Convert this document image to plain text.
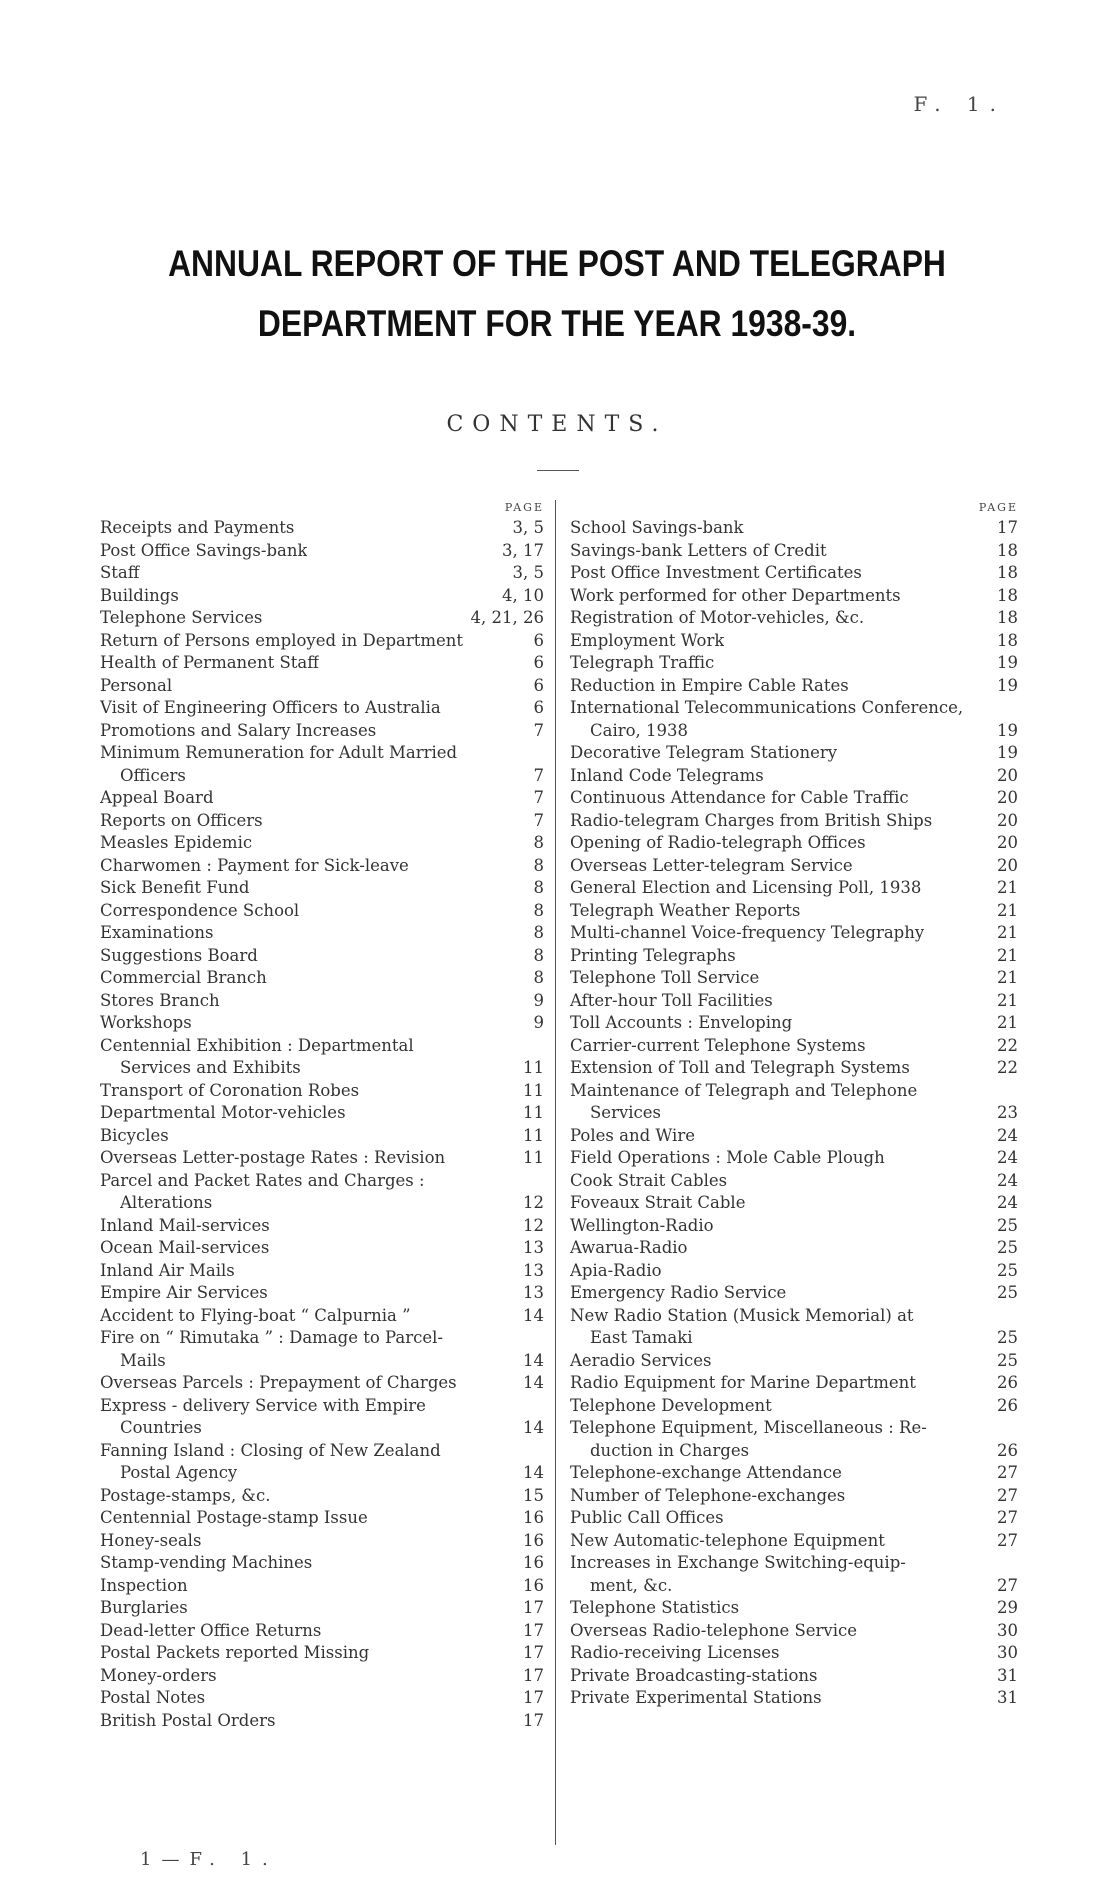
F. 1.
ANNUAL REPORT OF THE POST AND TELEGRAPH
DEPARTMENT FOR THE YEAR 1938-39.
CONTENTS.
PAGE
Receipts and Payments	3, 5
Post Office Savings-bank	3, 17
Staff	3, 5
Buildings	4, 10
Telephone Services	4, 21, 26
Return of Persons employed in Department	6
Health of Permanent Staff	6
Personal	6
Visit of Engineering Officers to Australia	6
Promotions and Salary Increases	7
Minimum Remuneration for Adult Married
Officers	7
Appeal Board	7
Reports on Officers	7
Measles Epidemic	8
Charwomen : Payment for Sick-leave	8
Sick Benefit Fund	8
Correspondence School	8
Examinations	8
Suggestions Board	8
Commercial Branch	8
Stores Branch	9
Workshops	9
Centennial Exhibition : Departmental
Services and Exhibits	11
Transport of Coronation Robes	11
Departmental Motor-vehicles	11
Bicycles	11
Overseas Letter-postage Rates : Revision	11
Parcel and Packet Rates and Charges :
Alterations	12
Inland Mail-services	12
Ocean Mail-services	13
Inland Air Mails	13
Empire Air Services	13
Accident to Flying-boat “ Calpurnia ”	14
Fire on “ Rimutaka ” : Damage to Parcel-
Mails	14
Overseas Parcels : Prepayment of Charges	14
Express - delivery Service with Empire
Countries	14
Fanning Island : Closing of New Zealand
Postal Agency	14
Postage-stamps, &c.	15
Centennial Postage-stamp Issue	16
Honey-seals	16
Stamp-vending Machines	16
Inspection	16
Burglaries	17
Dead-letter Office Returns	17
Postal Packets reported Missing	17
Money-orders	17
Postal Notes	17
British Postal Orders	17
PAGE
School Savings-bank	17
Savings-bank Letters of Credit	18
Post Office Investment Certificates	18
Work performed for other Departments	18
Registration of Motor-vehicles, &c.	18
Employment Work	18
Telegraph Traffic	19
Reduction in Empire Cable Rates	19
International Telecommunications Conference,
Cairo, 1938	19
Decorative Telegram Stationery	19
Inland Code Telegrams	20
Continuous Attendance for Cable Traffic	20
Radio-telegram Charges from British Ships	20
Opening of Radio-telegraph Offices	20
Overseas Letter-telegram Service	20
General Election and Licensing Poll, 1938	21
Telegraph Weather Reports	21
Multi-channel Voice-frequency Telegraphy	21
Printing Telegraphs	21
Telephone Toll Service	21
After-hour Toll Facilities	21
Toll Accounts : Enveloping	21
Carrier-current Telephone Systems	22
Extension of Toll and Telegraph Systems	22
Maintenance of Telegraph and Telephone
Services	23
Poles and Wire	24
Field Operations : Mole Cable Plough	24
Cook Strait Cables	24
Foveaux Strait Cable	24
Wellington-Radio	25
Awarua-Radio	25
Apia-Radio	25
Emergency Radio Service	25
New Radio Station (Musick Memorial) at
East Tamaki	25
Aeradio Services	25
Radio Equipment for Marine Department	26
Telephone Development	26
Telephone Equipment, Miscellaneous : Re-
duction in Charges	26
Telephone-exchange Attendance	27
Number of Telephone-exchanges	27
Public Call Offices	27
New Automatic-telephone Equipment	27
Increases in Exchange Switching-equip-
ment, &c.	27
Telephone Statistics	29
Overseas Radio-telephone Service	30
Radio-receiving Licenses	30
Private Broadcasting-stations	31
Private Experimental Stations	31
1—F. 1.
